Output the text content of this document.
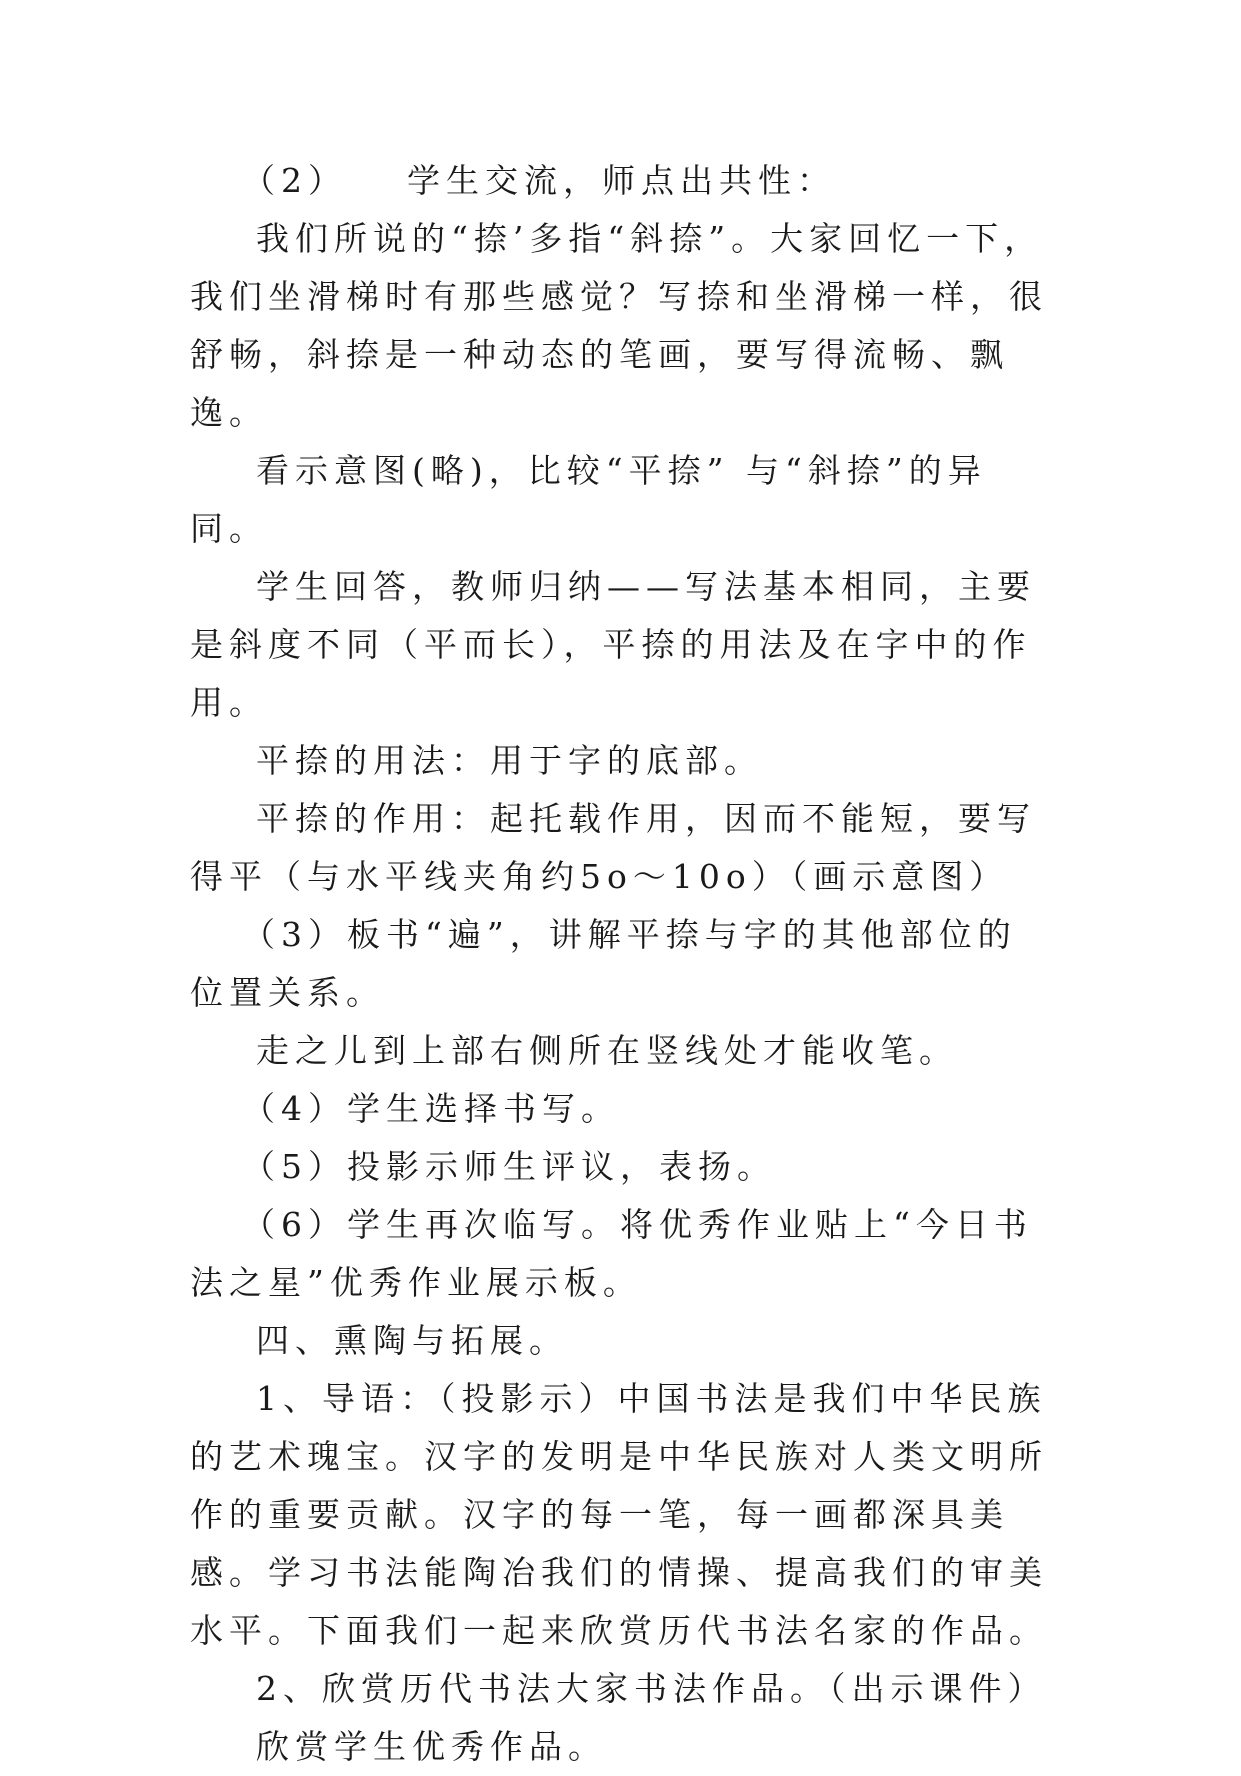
（2） 学生交流，师点出共性：

我们所说的“捺’多指“斜捺”。大家回忆一下，我们坐滑梯时有那些感觉？写捺和坐滑梯一样，很舒畅，斜捺是一种动态的笔画，要写得流畅、飘逸。

看示意图(略)，比较“平捺” 与“斜捺”的异同。

学生回答，教师归纳——写法基本相同，主要是斜度不同（平而长），平捺的用法及在字中的作用。

平捺的用法：用于字的底部。

平捺的作用：起托载作用，因而不能短，要写得平（与水平线夹角约5o～10o）（画示意图）

（3）板书“遍”，讲解平捺与字的其他部位的位置关系。

走之儿到上部右侧所在竖线处才能收笔。

（4）学生选择书写。

（5）投影示师生评议，表扬。

（6）学生再次临写。将优秀作业贴上“今日书法之星”优秀作业展示板。

四、熏陶与拓展。

1、导语：（投影示）中国书法是我们中华民族的艺术瑰宝。汉字的发明是中华民族对人类文明所作的重要贡献。汉字的每一笔，每一画都深具美感。学习书法能陶冶我们的情操、提高我们的审美水平。下面我们一起来欣赏历代书法名家的作品。

2、欣赏历代书法大家书法作品。（出示课件）

欣赏学生优秀作品。
